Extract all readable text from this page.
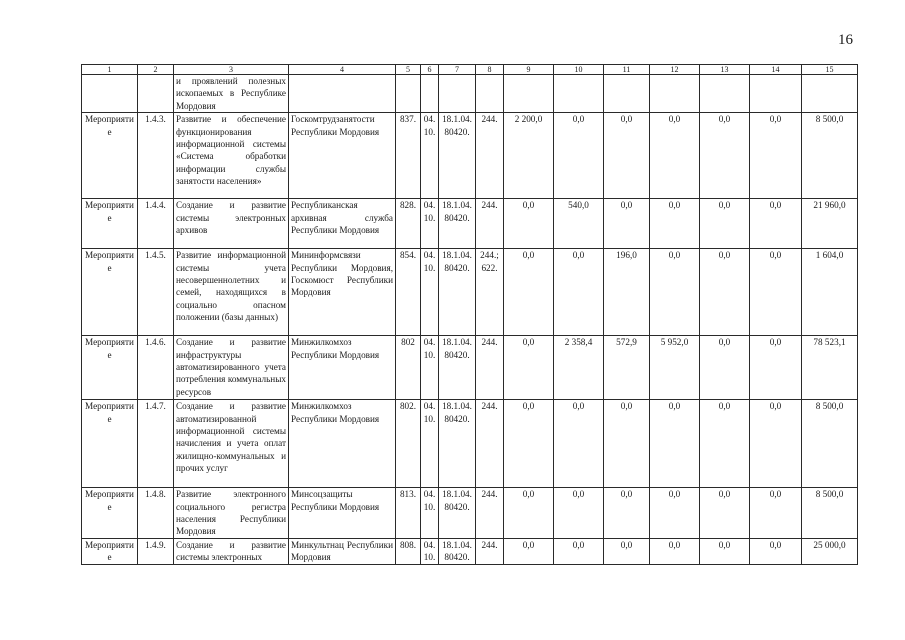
16
1	2	3	4	5	6	7	8	9	10	11	12	13	14	15
		и проявлений полезных ископаемых в Республике Мордовия												
Мероприятие	1.4.3.	Развитие и обеспечение функционирования информационной системы «Система обработки информации службы занятости населения»	Госкомтрудзанятости Республики Мордовия	837.	04. 10.	18.1.04. 80420.	244.	2 200,0	0,0	0,0	0,0	0,0	0,0	8 500,0
Мероприятие	1.4.4.	Создание и развитие системы электронных архивов	Республиканская архивная служба Республики Мордовия	828.	04. 10.	18.1.04. 80420.	244.	0,0	540,0	0,0	0,0	0,0	0,0	21 960,0
Мероприятие	1.4.5.	Развитие информационной системы учета несовершеннолетних и семей, находящихся в социально опасном положении (базы данных)	Мининформсвязи Республики Мордовия, Госкомюст Республики Мордовия	854.	04. 10.	18.1.04. 80420.	244.; 622.	0,0	0,0	196,0	0,0	0,0	0,0	1 604,0
Мероприятие	1.4.6.	Создание и развитие инфраструктуры автоматизированного учета потребления коммунальных ресурсов	Минжилкомхоз Республики Мордовия	802	04. 10.	18.1.04. 80420.	244.	0,0	2 358,4	572,9	5 952,0	0,0	0,0	78 523,1
Мероприятие	1.4.7.	Создание и развитие автоматизированной информационной системы начисления и учета оплат жилищно-коммунальных и прочих услуг	Минжилкомхоз Республики Мордовия	802.	04. 10.	18.1.04. 80420.	244.	0,0	0,0	0,0	0,0	0,0	0,0	8 500,0
Мероприятие	1.4.8.	Развитие электронного социального регистра населения Республики Мордовия	Минсоцзащиты Республики Мордовия	813.	04. 10.	18.1.04. 80420.	244.	0,0	0,0	0,0	0,0	0,0	0,0	8 500,0
Мероприятие	1.4.9.	Создание и развитие системы электронных	Минкультнац Республики Мордовия	808.	04. 10.	18.1.04. 80420.	244.	0,0	0,0	0,0	0,0	0,0	0,0	25 000,0
